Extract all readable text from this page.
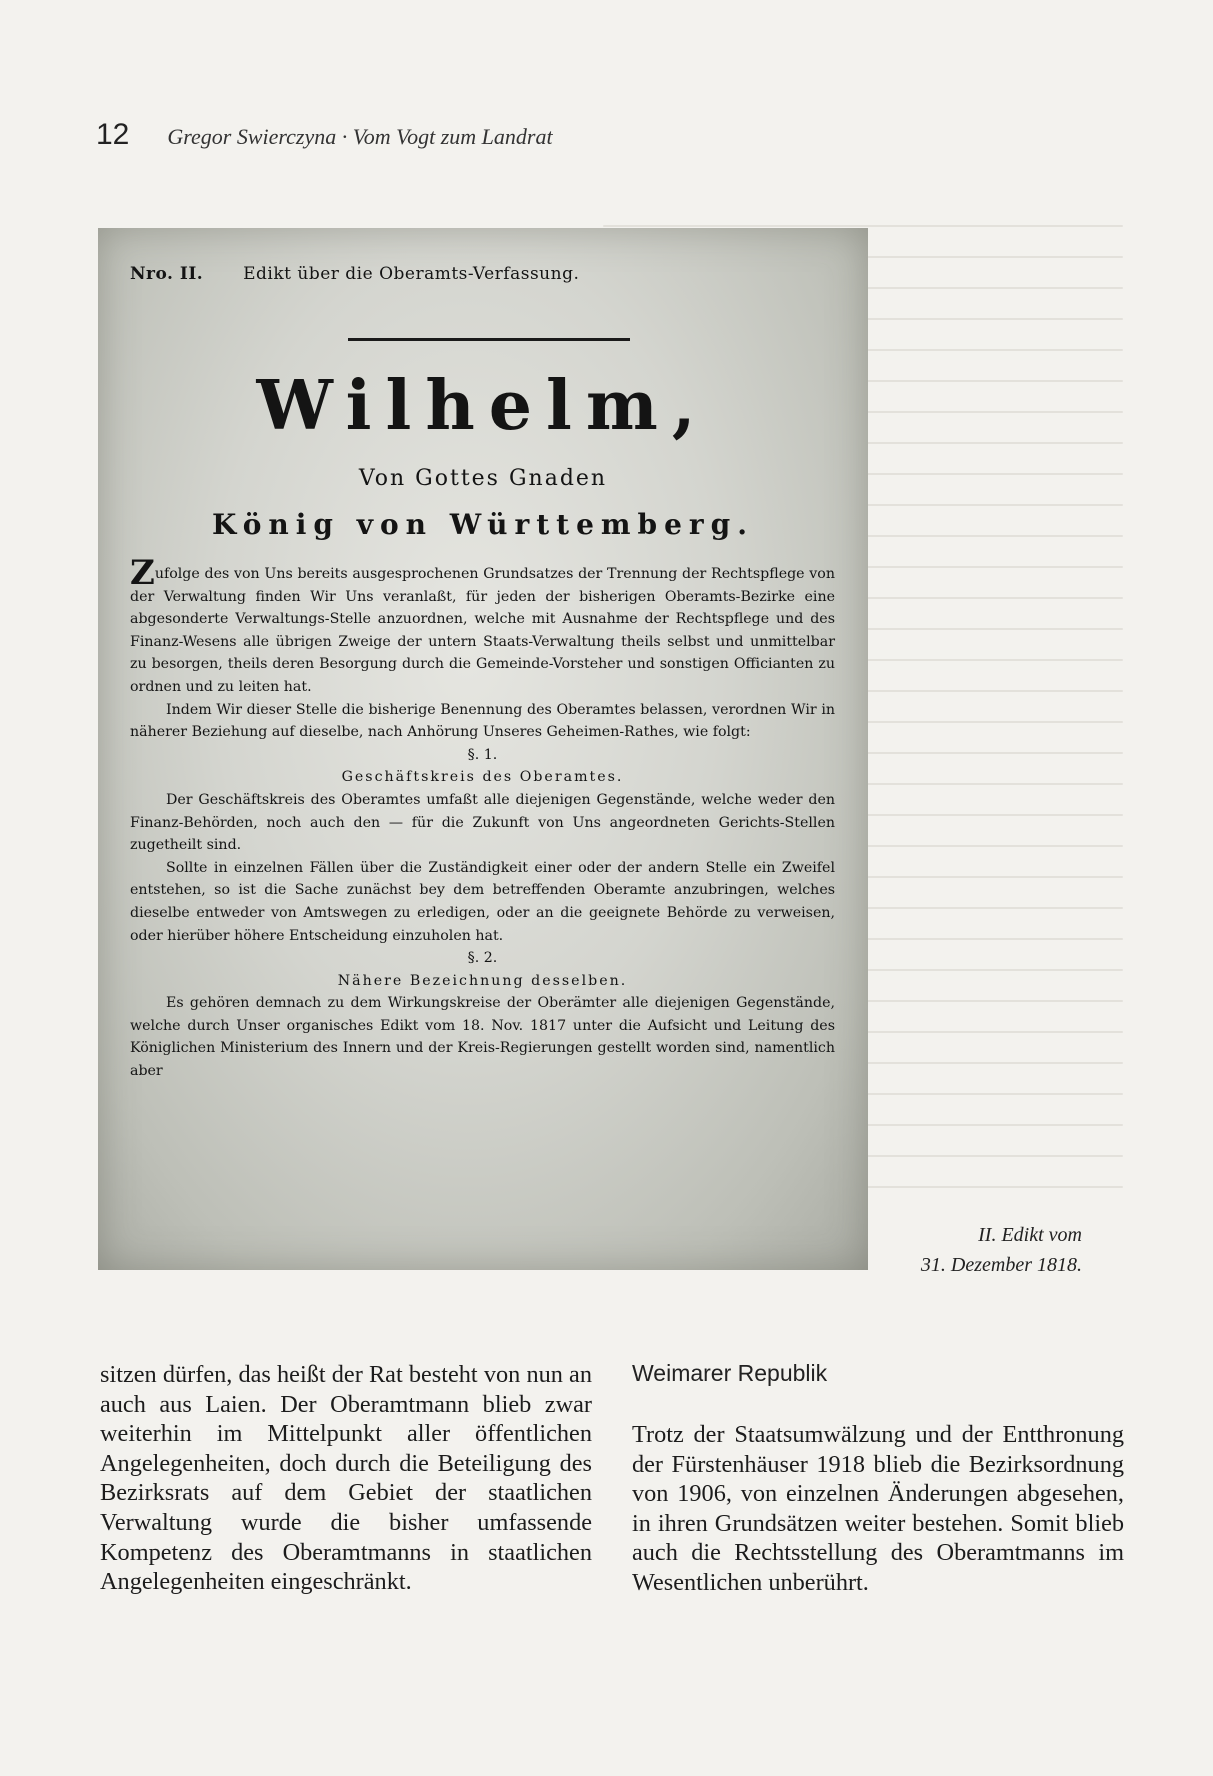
12 Gregor Swierczyna · Vom Vogt zum Landrat
Nro. II. Edikt über die Oberamts-Verfassung.
Wilhelm,
Von Gottes Gnaden
König von Württemberg.

Zufolge des von Uns bereits ausgesprochenen Grundsatzes der Trennung der Rechtspflege von der Verwaltung finden Wir Uns veranlaßt, für jeden der bisherigen Oberamts-Bezirke eine abgesonderte Verwaltungs-Stelle anzuordnen, welche mit Ausnahme der Rechtspflege und des Finanz-Wesens alle übrigen Zweige der untern Staats-Verwaltung theils selbst und unmittelbar zu besorgen, theils deren Besorgung durch die Gemeinde-Vorsteher und sonstigen Officianten zu ordnen und zu leiten hat.

Indem Wir dieser Stelle die bisherige Benennung des Oberamtes belassen, verordnen Wir in näherer Beziehung auf dieselbe, nach Anhörung Unseres Geheimen-Rathes, wie folgt:

§. 1.

Geschäftskreis des Oberamtes.

Der Geschäftskreis des Oberamtes umfaßt alle diejenigen Gegenstände, welche weder den Finanz-Behörden, noch auch den — für die Zukunft von Uns angeordneten Gerichts-Stellen zugetheilt sind.

Sollte in einzelnen Fällen über die Zuständigkeit einer oder der andern Stelle ein Zweifel entstehen, so ist die Sache zunächst bey dem betreffenden Oberamte anzubringen, welches dieselbe entweder von Amtswegen zu erledigen, oder an die geeignete Behörde zu verweisen, oder hierüber höhere Entscheidung einzuholen hat.

§. 2.

Nähere Bezeichnung desselben.

Es gehören demnach zu dem Wirkungskreise der Oberämter alle diejenigen Gegenstände, welche durch Unser organisches Edikt vom 18. Nov. 1817 unter die Aufsicht und Leitung des Königlichen Ministerium des Innern und der Kreis-Regierungen gestellt worden sind, namentlich aber

II. Edikt vom
31. Dezember 1818.

sitzen dürfen, das heißt der Rat besteht von nun an auch aus Laien. Der Oberamtmann blieb zwar weiterhin im Mittelpunkt aller öffentlichen Angelegenheiten, doch durch die Beteiligung des Bezirksrats auf dem Gebiet der staatlichen Verwaltung wurde die bisher umfassende Kompetenz des Oberamtmanns in staatlichen Angelegenheiten eingeschränkt.

Weimarer Republik

Trotz der Staatsumwälzung und der Entthronung der Fürstenhäuser 1918 blieb die Bezirksordnung von 1906, von einzelnen Änderungen abgesehen, in ihren Grundsätzen weiter bestehen. Somit blieb auch die Rechtsstellung des Oberamtmanns im Wesentlichen unberührt.
